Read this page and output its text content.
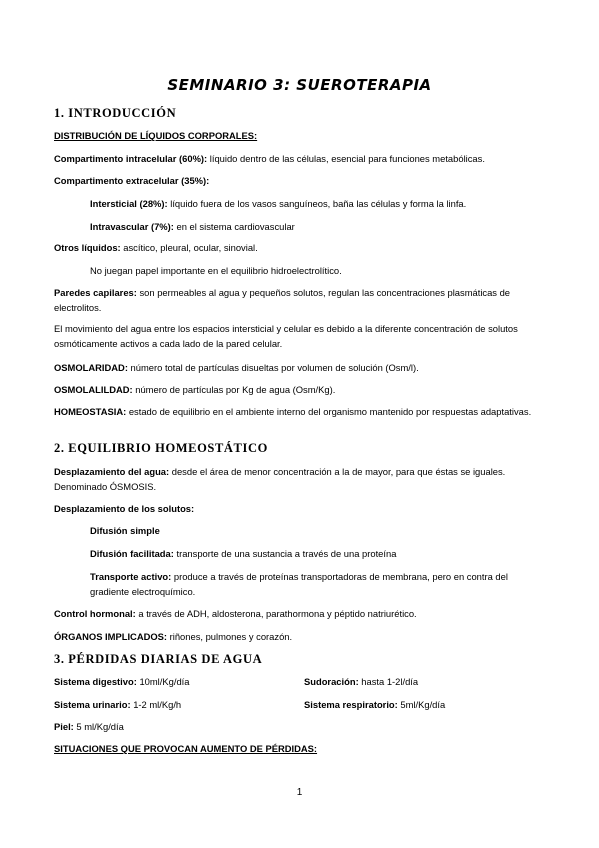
SEMINARIO 3: SUEROTERAPIA
1. INTRODUCCIÓN
DISTRIBUCIÓN DE LÍQUIDOS CORPORALES:
Compartimento intracelular (60%): líquido dentro de las células, esencial para funciones metabólicas.
Compartimento extracelular (35%):
Intersticial (28%): líquido fuera de los vasos sanguíneos, baña las células y forma la linfa.
Intravascular (7%): en el sistema cardiovascular
Otros líquidos: ascítico, pleural, ocular, sinovial.
No juegan papel importante en el equilibrio hidroelectrolítico.
Paredes capilares: son permeables al agua y pequeños solutos, regulan las concentraciones plasmáticas de electrolitos.
El movimiento del agua entre los espacios intersticial y celular es debido a la diferente concentración de solutos osmóticamente activos a cada lado de la pared celular.
OSMOLARIDAD: número total de partículas disueltas por volumen de solución (Osm/l).
OSMOLALILDAD: número de partículas por Kg de agua (Osm/Kg).
HOMEOSTASIA: estado de equilibrio en el ambiente interno del organismo mantenido por respuestas adaptativas.
2. EQUILIBRIO HOMEOSTÁTICO
Desplazamiento del agua: desde el área de menor concentración a la de mayor, para que éstas se iguales. Denominado ÓSMOSIS.
Desplazamiento de los solutos:
Difusión simple
Difusión facilitada: transporte de una sustancia a través de una proteína
Transporte activo: produce a través de proteínas transportadoras de membrana, pero en contra del gradiente electroquímico.
Control hormonal: a través de ADH, aldosterona, parathormona y péptido natriurético.
ÓRGANOS IMPLICADOS: riñones, pulmones y corazón.
3. PÉRDIDAS DIARIAS DE AGUA
Sistema digestivo: 10ml/Kg/día	Sudoración: hasta 1-2l/día
Sistema urinario: 1-2 ml/Kg/h	Sistema respiratorio: 5ml/Kg/día
Piel: 5 ml/Kg/día
SITUACIONES QUE PROVOCAN AUMENTO DE PÉRDIDAS:
1
